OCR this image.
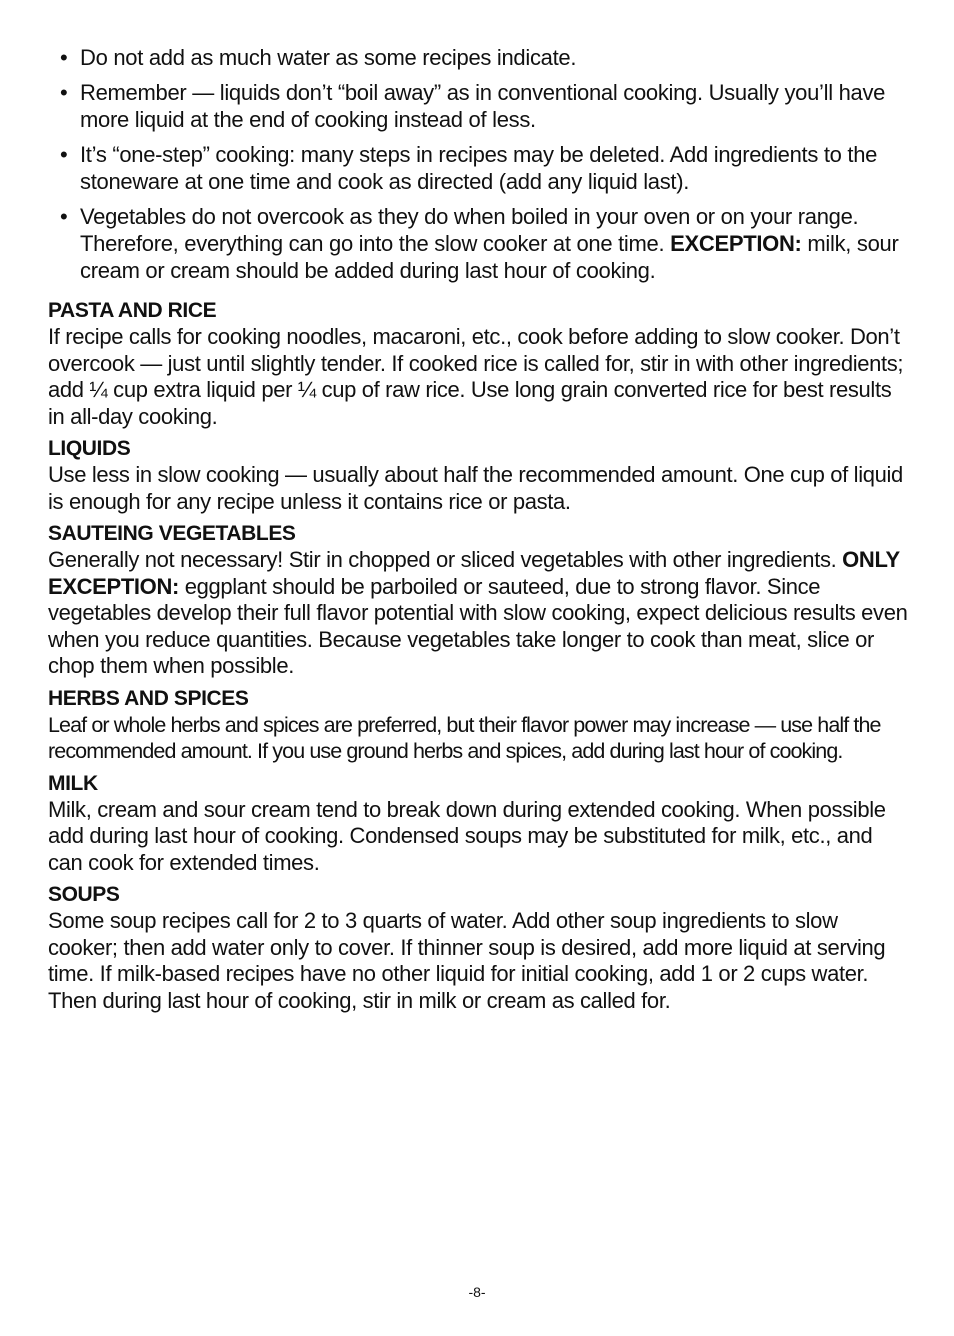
• Do not add as much water as some recipes indicate.
• Remember — liquids don’t “boil away” as in conventional cooking. Usually you’ll have more liquid at the end of cooking instead of less.
• It’s “one-step” cooking: many steps in recipes may be deleted. Add ingredients to the stoneware at one time and cook as directed (add any liquid last).
• Vegetables do not overcook as they do when boiled in your oven or on your range. Therefore, everything can go into the slow cooker at one time. EXCEPTION: milk, sour cream or cream should be added during last hour of cooking.
PASTA AND RICE

If recipe calls for cooking noodles, macaroni, etc., cook before adding to slow cooker. Don’t overcook — just until slightly tender. If cooked rice is called for, stir in with other ingredients; add ¼ cup extra liquid per ¼ cup of raw rice. Use long grain converted rice for best results in all-day cooking.

LIQUIDS

Use less in slow cooking — usually about half the recommended amount. One cup of liquid is enough for any recipe unless it contains rice or pasta.

SAUTEING VEGETABLES

Generally not necessary! Stir in chopped or sliced vegetables with other ingredients. ONLY EXCEPTION: eggplant should be parboiled or sauteed, due to strong flavor. Since vegetables develop their full flavor potential with slow cooking, expect delicious results even when you reduce quantities. Because vegetables take longer to cook than meat, slice or chop them when possible.

HERBS AND SPICES

Leaf or whole herbs and spices are preferred, but their flavor power may increase — use half the recommended amount. If you use ground herbs and spices, add during last hour of cooking.

MILK

Milk, cream and sour cream tend to break down during extended cooking. When possible add during last hour of cooking. Condensed soups may be substituted for milk, etc., and can cook for extended times.

SOUPS

Some soup recipes call for 2 to 3 quarts of water. Add other soup ingredients to slow cooker; then add water only to cover. If thinner soup is desired, add more liquid at serving time. If milk-based recipes have no other liquid for initial cooking, add 1 or 2 cups water. Then during last hour of cooking, stir in milk or cream as called for.

-8-
